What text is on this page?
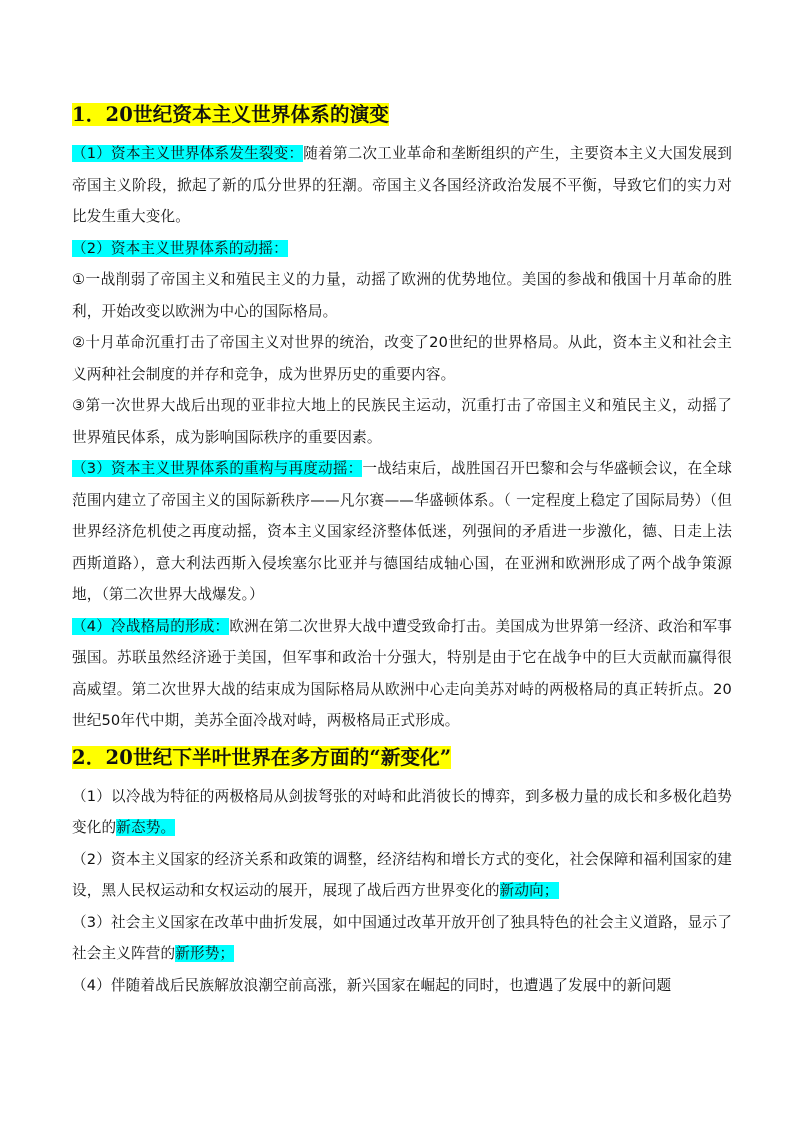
1．20世纪资本主义世界体系的演变

（1）资本主义世界体系发生裂变：随着第二次工业革命和垄断组织的产生，主要资本主义大国发展到帝国主义阶段，掀起了新的瓜分世界的狂潮。帝国主义各国经济政治发展不平衡，导致它们的实力对比发生重大变化。

（2）资本主义世界体系的动摇：

①一战削弱了帝国主义和殖民主义的力量，动摇了欧洲的优势地位。美国的参战和俄国十月革命的胜利，开始改变以欧洲为中心的国际格局。

②十月革命沉重打击了帝国主义对世界的统治，改变了20世纪的世界格局。从此，资本主义和社会主义两种社会制度的并存和竞争，成为世界历史的重要内容。

③第一次世界大战后出现的亚非拉大地上的民族民主运动，沉重打击了帝国主义和殖民主义，动摇了世界殖民体系，成为影响国际秩序的重要因素。

（3）资本主义世界体系的重构与再度动摇：一战结束后，战胜国召开巴黎和会与华盛顿会议，在全球范围内建立了帝国主义的国际新秩序——凡尔赛——华盛顿体系。（ 一定程度上稳定了国际局势）（但世界经济危机使之再度动摇，资本主义国家经济整体低迷，列强间的矛盾进一步激化，德、日走上法西斯道路），意大利法西斯入侵埃塞尔比亚并与德国结成轴心国，在亚洲和欧洲形成了两个战争策源地，（第二次世界大战爆发。）

（4）冷战格局的形成：欧洲在第二次世界大战中遭受致命打击。美国成为世界第一经济、政治和军事强国。苏联虽然经济逊于美国，但军事和政治十分强大，特别是由于它在战争中的巨大贡献而赢得很高威望。第二次世界大战的结束成为国际格局从欧洲中心走向美苏对峙的两极格局的真正转折点。20世纪50年代中期，美苏全面冷战对峙，两极格局正式形成。

2．20世纪下半叶世界在多方面的“新变化”

（1）以冷战为特征的两极格局从剑拔弩张的对峙和此消彼长的博弈，到多极力量的成长和多极化趋势变化的新态势。

（2）资本主义国家的经济关系和政策的调整，经济结构和增长方式的变化，社会保障和福利国家的建设，黑人民权运动和女权运动的展开，展现了战后西方世界变化的新动向；

（3）社会主义国家在改革中曲折发展，如中国通过改革开放开创了独具特色的社会主义道路，显示了社会主义阵营的新形势；

（4）伴随着战后民族解放浪潮空前高涨，新兴国家在崛起的同时，也遭遇了发展中的新问题
